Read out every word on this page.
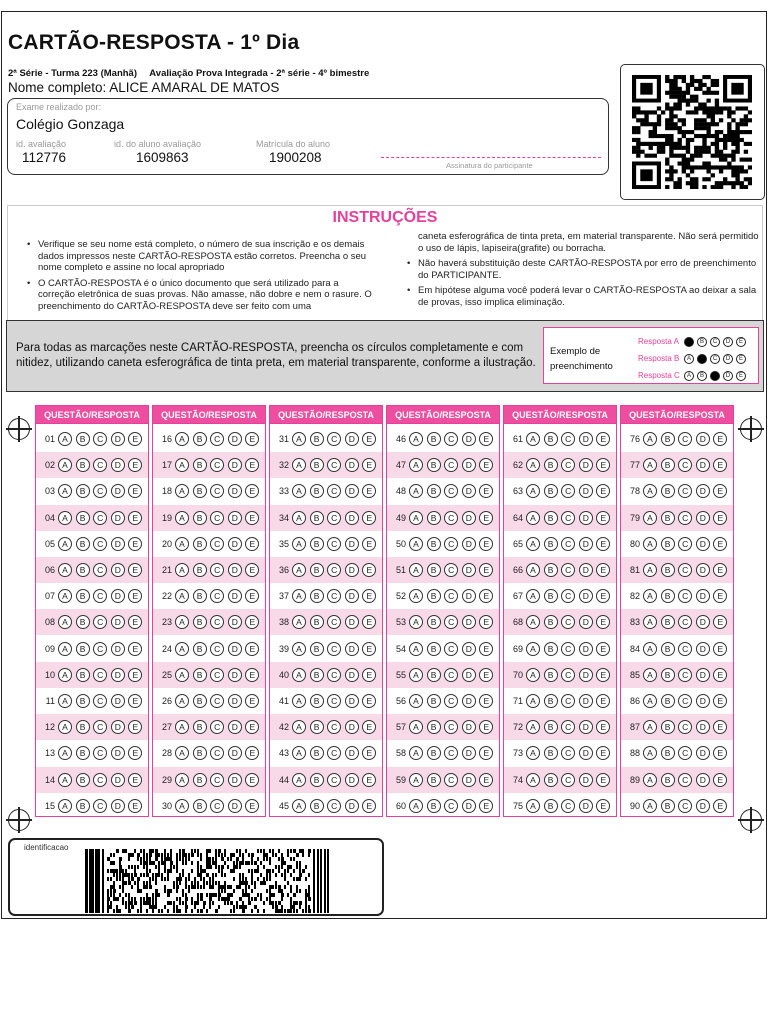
CARTÃO-RESPOSTA - 1º Dia
2ª Série - Turma 223 (Manhã) Avaliação Prova Integrada - 2ª série - 4º bimestre
Nome completo: ALICE AMARAL DE MATOS
Exame realizado por:
Colégio Gonzaga
id. avaliação
112776
id. do aluno avaliação
1609863
Matrícula do aluno
1900208
Assinatura do participante
INSTRUÇÕES
• Verifique se seu nome está completo, o número de sua inscrição e os demais dados impressos neste CARTÃO-RESPOSTA estão corretos. Preencha o seu nome completo e assine no local apropriado
• O CARTÃO-RESPOSTA é o único documento que será utilizado para a correção eletrônica de suas provas. Não amasse, não dobre e nem o rasure. O preenchimento do CARTÃO-RESPOSTA deve ser feito com uma
caneta esferográfica de tinta preta, em material transparente. Não será permitido o uso de lápis, lapiseira(grafite) ou borracha.
• Não haverá substituição deste CARTÃO-RESPOSTA por erro de preenchimento do PARTICIPANTE.
• Em hipótese alguma você poderá levar o CARTÃO-RESPOSTA ao deixar a sala de provas, isso implica eliminação.
Para todas as marcações neste CARTÃO-RESPOSTA, preencha os círculos completamente e com nitidez, utilizando caneta esferográfica de tinta preta, em material transparente, conforme a ilustração.
Exemplo de preenchimento
Resposta A	B C D E
Resposta B A	C D E
Resposta C A B	D E
QUESTÃO/RESPOSTA
01 A	B	C	D	E
02 A	B	C	D	E
03 A	B	C	D	E
04 A	B	C	D	E
05 A	B	C	D	E
06 A	B	C	D	E
07 A	B	C	D	E
08 A	B	C	D	E
09 A	B	C	D	E
10 A	B	C	D	E
11 A	B	C	D	E
12 A	B	C	D	E
13 A	B	C	D	E
14 A	B	C	D	E
15 A	B	C	D	E
QUESTÃO/RESPOSTA
16 A	B	C	D	E
17 A	B	C	D	E
18 A	B	C	D	E
19 A	B	C	D	E
20 A	B	C	D	E
21 A	B	C	D	E
22 A	B	C	D	E
23 A	B	C	D	E
24 A	B	C	D	E
25 A	B	C	D	E
26 A	B	C	D	E
27 A	B	C	D	E
28 A	B	C	D	E
29 A	B	C	D	E
30 A	B	C	D	E
QUESTÃO/RESPOSTA
31 A	B	C	D	E
32 A	B	C	D	E
33 A	B	C	D	E
34 A	B	C	D	E
35 A	B	C	D	E
36 A	B	C	D	E
37 A	B	C	D	E
38 A	B	C	D	E
39 A	B	C	D	E
40 A	B	C	D	E
41 A	B	C	D	E
42 A	B	C	D	E
43 A	B	C	D	E
44 A	B	C	D	E
45 A	B	C	D	E
QUESTÃO/RESPOSTA
46 A	B	C	D	E
47 A	B	C	D	E
48 A	B	C	D	E
49 A	B	C	D	E
50 A	B	C	D	E
51 A	B	C	D	E
52 A	B	C	D	E
53 A	B	C	D	E
54 A	B	C	D	E
55 A	B	C	D	E
56 A	B	C	D	E
57 A	B	C	D	E
58 A	B	C	D	E
59 A	B	C	D	E
60 A	B	C	D	E
QUESTÃO/RESPOSTA
61 A	B	C	D	E
62 A	B	C	D	E
63 A	B	C	D	E
64 A	B	C	D	E
65 A	B	C	D	E
66 A	B	C	D	E
67 A	B	C	D	E
68 A	B	C	D	E
69 A	B	C	D	E
70 A	B	C	D	E
71 A	B	C	D	E
72 A	B	C	D	E
73 A	B	C	D	E
74 A	B	C	D	E
75 A	B	C	D	E
QUESTÃO/RESPOSTA
76 A	B	C	D	E
77 A	B	C	D	E
78 A	B	C	D	E
79 A	B	C	D	E
80 A	B	C	D	E
81 A	B	C	D	E
82 A	B	C	D	E
83 A	B	C	D	E
84 A	B	C	D	E
85 A	B	C	D	E
86 A	B	C	D	E
87 A	B	C	D	E
88 A	B	C	D	E
89 A	B	C	D	E
90 A	B	C	D	E
identificacao
